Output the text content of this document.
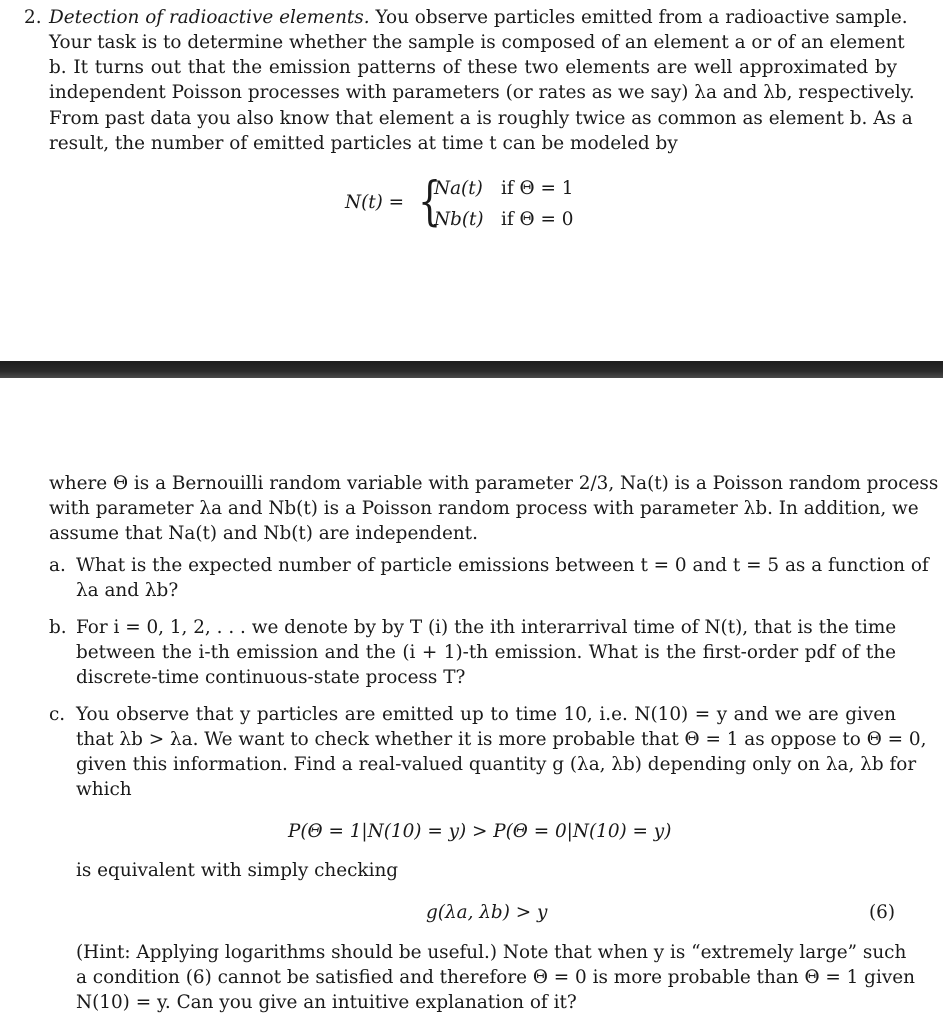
2. Detection of radioactive elements. You observe particles emitted from a radioactive sample.
Your task is to determine whether the sample is composed of an element a or of an element
b. It turns out that the emission patterns of these two elements are well approximated by
independent Poisson processes with parameters (or rates as we say) λa and λb, respectively.
From past data you also know that element a is roughly twice as common as element b. As a
result, the number of emitted particles at time t can be modeled by
N(t) = {
Na(t) if Θ = 1
Nb(t) if Θ = 0
where Θ is a Bernouilli random variable with parameter 2/3, Na(t) is a Poisson random process
with parameter λa and Nb(t) is a Poisson random process with parameter λb. In addition, we
assume that Na(t) and Nb(t) are independent.
a. What is the expected number of particle emissions between t = 0 and t = 5 as a function of
λa and λb?
b. For i = 0, 1, 2, . . . we denote by by T (i) the ith interarrival time of N(t), that is the time
between the i-th emission and the (i + 1)-th emission. What is the first-order pdf of the
discrete-time continuous-state process T?
c. You observe that y particles are emitted up to time 10, i.e. N(10) = y and we are given
that λb > λa. We want to check whether it is more probable that Θ = 1 as oppose to Θ = 0,
given this information. Find a real-valued quantity g (λa, λb) depending only on λa, λb for
which
P(Θ = 1|N(10) = y) > P(Θ = 0|N(10) = y)
is equivalent with simply checking
g(λa, λb) > y	(6)
(Hint: Applying logarithms should be useful.) Note that when y is “extremely large” such
a condition (6) cannot be satisfied and therefore Θ = 0 is more probable than Θ = 1 given
N(10) = y. Can you give an intuitive explanation of it?
